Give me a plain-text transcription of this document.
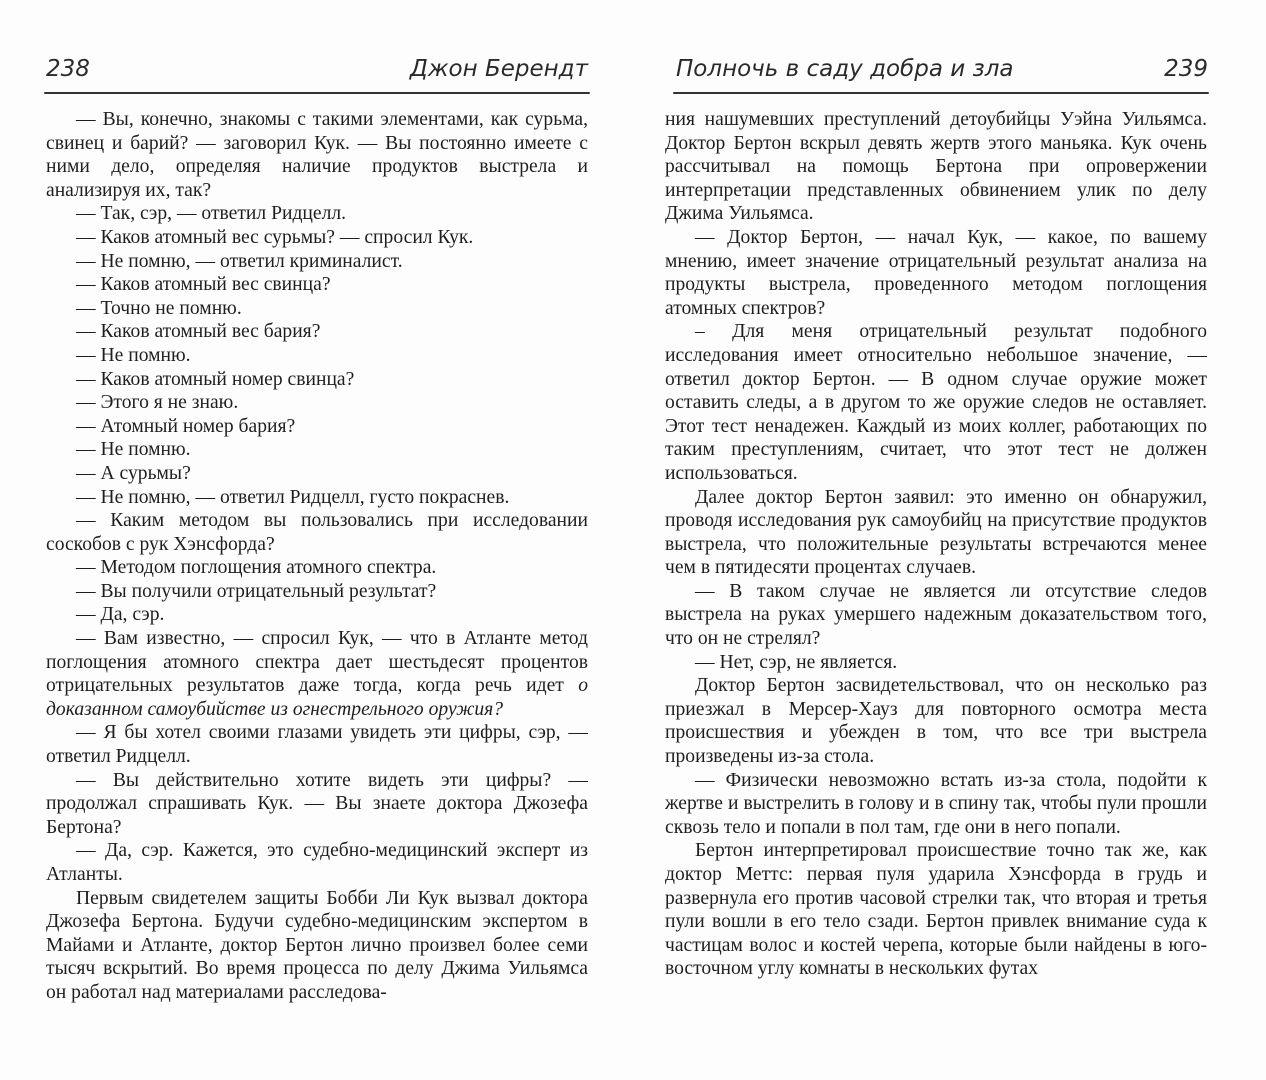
238	Джон Берендт

— Вы, конечно, знакомы с такими элементами, как сурьма, свинец и барий? — заговорил Кук. — Вы постоянно имеете с ними дело, определяя наличие продуктов выстрела и анализируя их, так?

— Так, сэр, — ответил Ридцелл.

— Каков атомный вес сурьмы? — спросил Кук.

— Не помню, — ответил криминалист.

— Каков атомный вес свинца?

— Точно не помню.

— Каков атомный вес бария?

— Не помню.

— Каков атомный номер свинца?

— Этого я не знаю.

— Атомный номер бария?

— Не помню.

— А сурьмы?

— Не помню, — ответил Ридцелл, густо покраснев.

— Каким методом вы пользовались при исследовании соскобов с рук Хэнсфорда?

— Методом поглощения атомного спектра.

— Вы получили отрицательный результат?

— Да, сэр.

— Вам известно, — спросил Кук, — что в Атланте метод поглощения атомного спектра дает шестьдесят процентов отрицательных результатов даже тогда, когда речь идет о доказанном самоубийстве из огнестрельного оружия?

— Я бы хотел своими глазами увидеть эти цифры, сэр, — ответил Ридцелл.

— Вы действительно хотите видеть эти цифры? — продолжал спрашивать Кук. — Вы знаете доктора Джозефа Бертона?

— Да, сэр. Кажется, это судебно-медицинский эксперт из Атланты.

Первым свидетелем защиты Бобби Ли Кук вызвал доктора Джозефа Бертона. Будучи судебно-медицинским экспертом в Майами и Атланте, доктор Бертон лично произвел более семи тысяч вскрытий. Во время процесса по делу Джима Уильямса он работал над материалами расследова-

Полночь в саду добра и зла	239

ния нашумевших преступлений детоубийцы Уэйна Уильямса. Доктор Бертон вскрыл девять жертв этого маньяка. Кук очень рассчитывал на помощь Бертона при опровержении интерпретации представленных обвинением улик по делу Джима Уильямса.

— Доктор Бертон, — начал Кук, — какое, по вашему мнению, имеет значение отрицательный результат анализа на продукты выстрела, проведенного методом поглощения атомных спектров?

– Для меня отрицательный результат подобного исследования имеет относительно небольшое значение, — ответил доктор Бертон. — В одном случае оружие может оставить следы, а в другом то же оружие следов не оставляет. Этот тест ненадежен. Каждый из моих коллег, работающих по таким преступлениям, считает, что этот тест не должен использоваться.

Далее доктор Бертон заявил: это именно он обнаружил, проводя исследования рук самоубийц на присутствие продуктов выстрела, что положительные результаты встречаются менее чем в пятидесяти процентах случаев.

— В таком случае не является ли отсутствие следов выстрела на руках умершего надежным доказательством того, что он не стрелял?

— Нет, сэр, не является.

Доктор Бертон засвидетельствовал, что он несколько раз приезжал в Мерсер-Хауз для повторного осмотра места происшествия и убежден в том, что все три выстрела произведены из-за стола.

— Физически невозможно встать из-за стола, подойти к жертве и выстрелить в голову и в спину так, чтобы пули прошли сквозь тело и попали в пол там, где они в него попали.

Бертон интерпретировал происшествие точно так же, как доктор Меттс: первая пуля ударила Хэнсфорда в грудь и развернула его против часовой стрелки так, что вторая и третья пули вошли в его тело сзади. Бертон привлек внимание суда к частицам волос и костей черепа, которые были найдены в юго-восточном углу комнаты в нескольких футах
